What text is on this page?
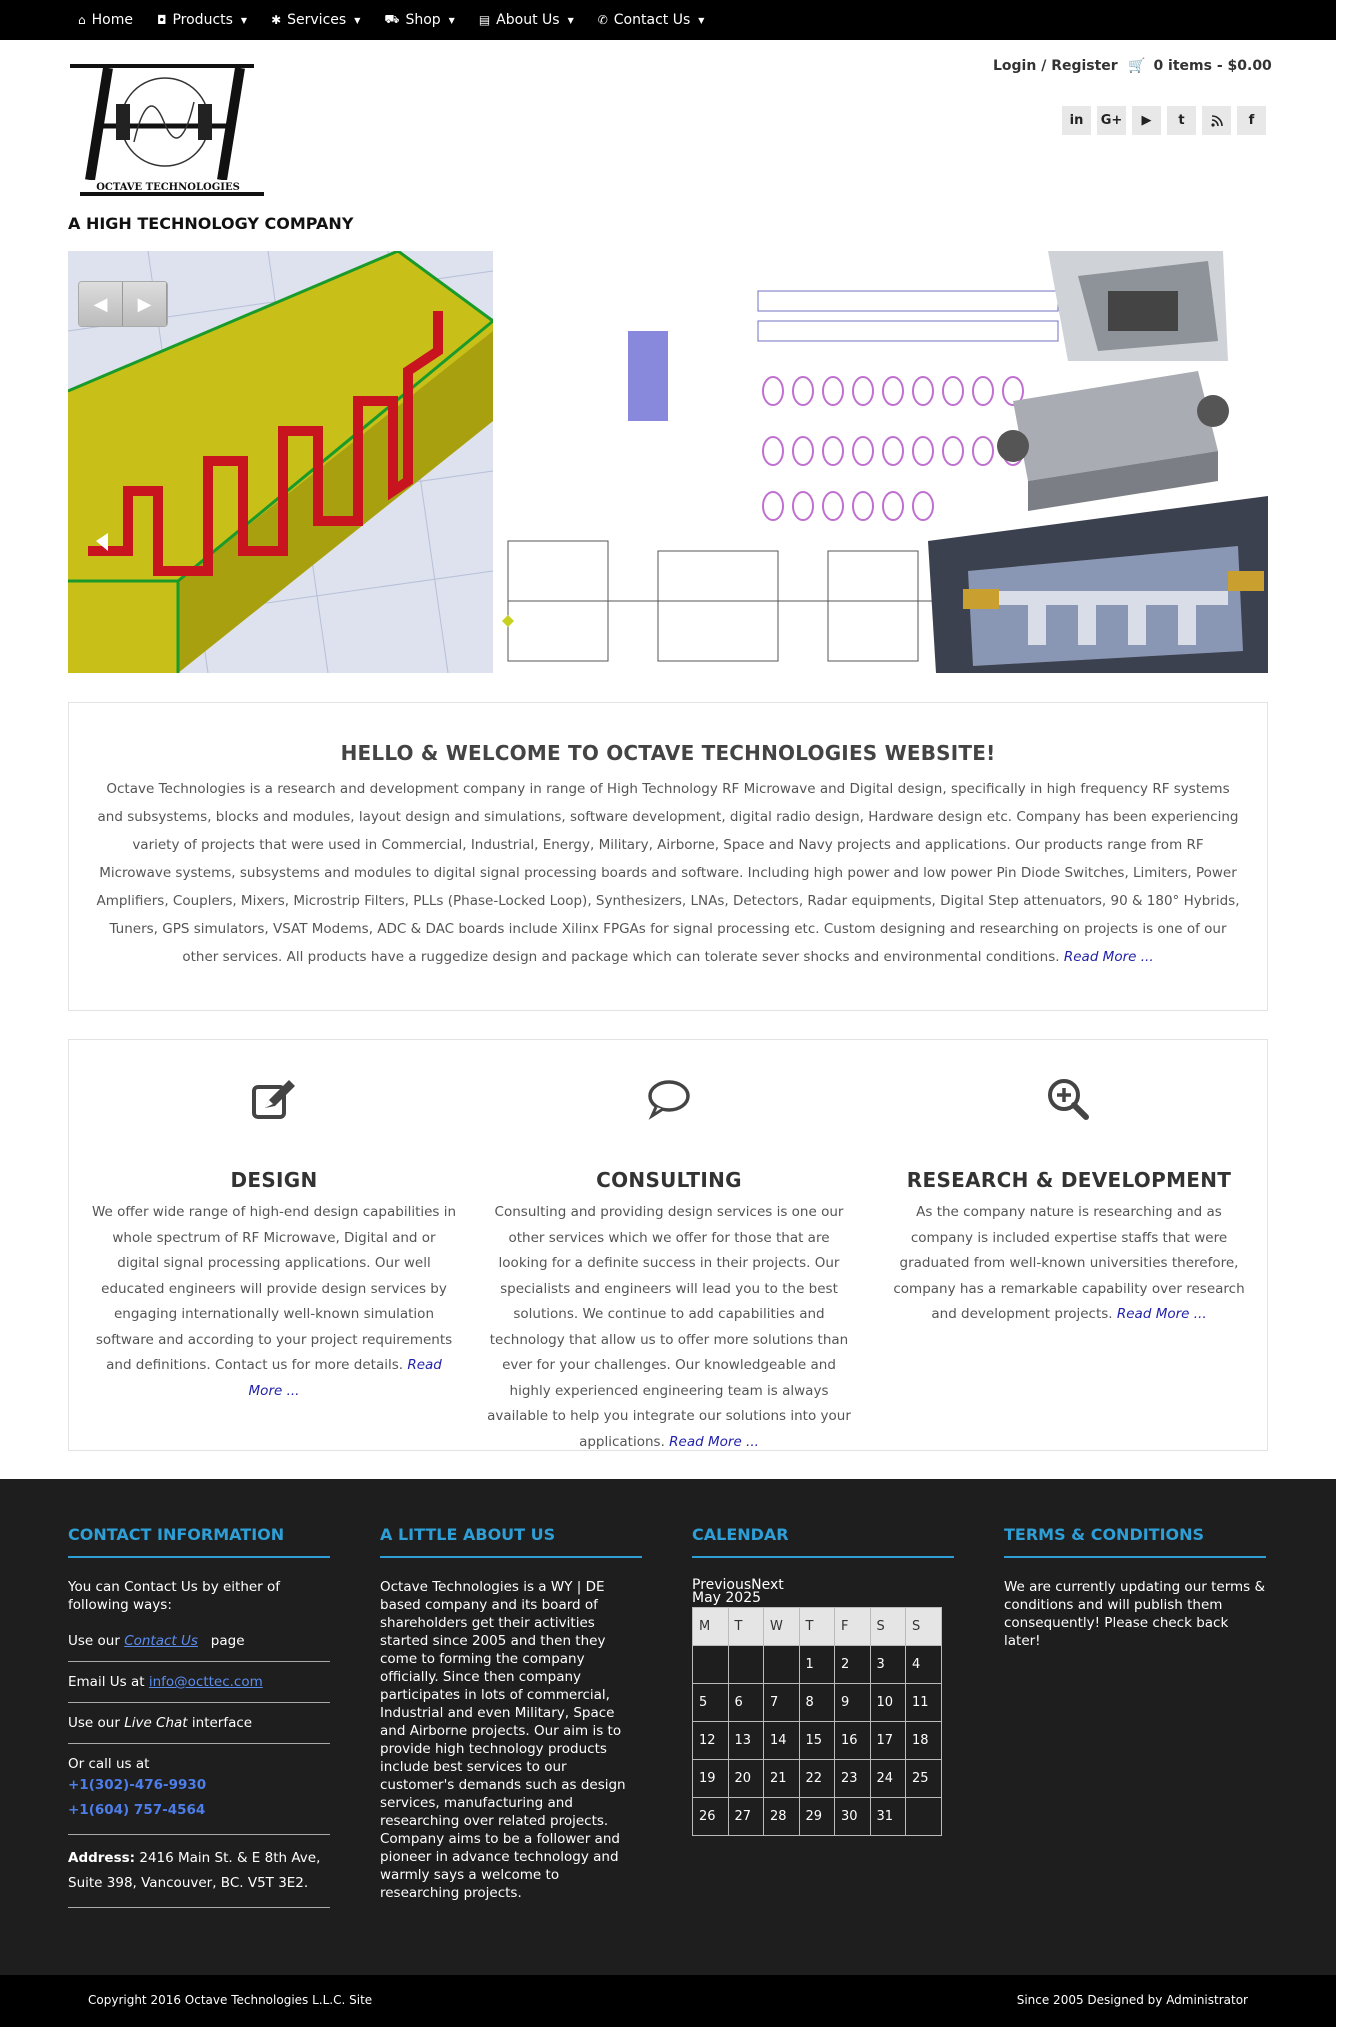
⌂ Home ◘ Products ▼ ✱ Services ▼ ⛟ Shop ▼ ▤ About Us ▼ ✆ Contact Us ▼
OCTAVE TECHNOLOGIES
A HIGH TECHNOLOGY COMPANY
Login / Register 🛒 0 items - $0.00
in	G+	▶	t	f
◀ ▶
HELLO & WELCOME TO OCTAVE TECHNOLOGIES WEBSITE!

Octave Technologies is a research and development company in range of High Technology RF Microwave and Digital design, specifically in high frequency RF systems and subsystems, blocks and modules, layout design and simulations, software development, digital radio design, Hardware design etc. Company has been experiencing variety of projects that were used in Commercial, Industrial, Energy, Military, Airborne, Space and Navy projects and applications. Our products range from RF Microwave systems, subsystems and modules to digital signal processing boards and software. Including high power and low power Pin Diode Switches, Limiters, Power Amplifiers, Couplers, Mixers, Microstrip Filters, PLLs (Phase-Locked Loop), Synthesizers, LNAs, Detectors, Radar equipments, Digital Step attenuators, 90 & 180° Hybrids, Tuners, GPS simulators, VSAT Modems, ADC & DAC boards include Xilinx FPGAs for signal processing etc. Custom designing and researching on projects is one of our other services. All products have a ruggedize design and package which can tolerate sever shocks and environmental conditions. Read More ...

DESIGN

We offer wide range of high-end design capabilities in whole spectrum of RF Microwave, Digital and or digital signal processing applications. Our well educated engineers will provide design services by engaging internationally well-known simulation software and according to your project requirements and definitions. Contact us for more details. Read More ...

CONSULTING

Consulting and providing design services is one our other services which we offer for those that are looking for a definite success in their projects. Our specialists and engineers will lead you to the best solutions. We continue to add capabilities and technology that allow us to offer more solutions than ever for your challenges. Our knowledgeable and highly experienced engineering team is always available to help you integrate our solutions into your applications. Read More ...

RESEARCH & DEVELOPMENT

As the company nature is researching and as company is included expertise staffs that were graduated from well-known universities therefore, company has a remarkable capability over research and development projects. Read More ...

CONTACT INFORMATION
You can Contact Us by either of following ways:
Use our Contact Us page
Email Us at info@octtec.com
Use our Live Chat interface
Or call us at
+1(302)-476-9930
+1(604) 757-4564
Address: 2416 Main St. & E 8th Ave, Suite 398, Vancouver, BC. V5T 3E2.
A LITTLE ABOUT US
Octave Technologies is a WY | DE based company and its board of shareholders get their activities started since 2005 and then they come to forming the company officially. Since then company participates in lots of commercial, Industrial and even Military, Space and Airborne projects. Our aim is to provide high technology products include best services to our customer's demands such as design services, manufacturing and researching over related projects. Company aims to be a follower and pioneer in advance technology and warmly says a welcome to researching projects.
CALENDAR
PreviousNext
May 2025
M	T	W	T	F	S	S
			1	2	3	4
5	6	7	8	9	10	11
12	13	14	15	16	17	18
19	20	21	22	23	24	25
26	27	28	29	30	31	
TERMS & CONDITIONS
We are currently updating our terms & conditions and will publish them consequently! Please check back later!
Copyright 2016 Octave Technologies L.L.C. Site	Since 2005 Designed by Administrator
